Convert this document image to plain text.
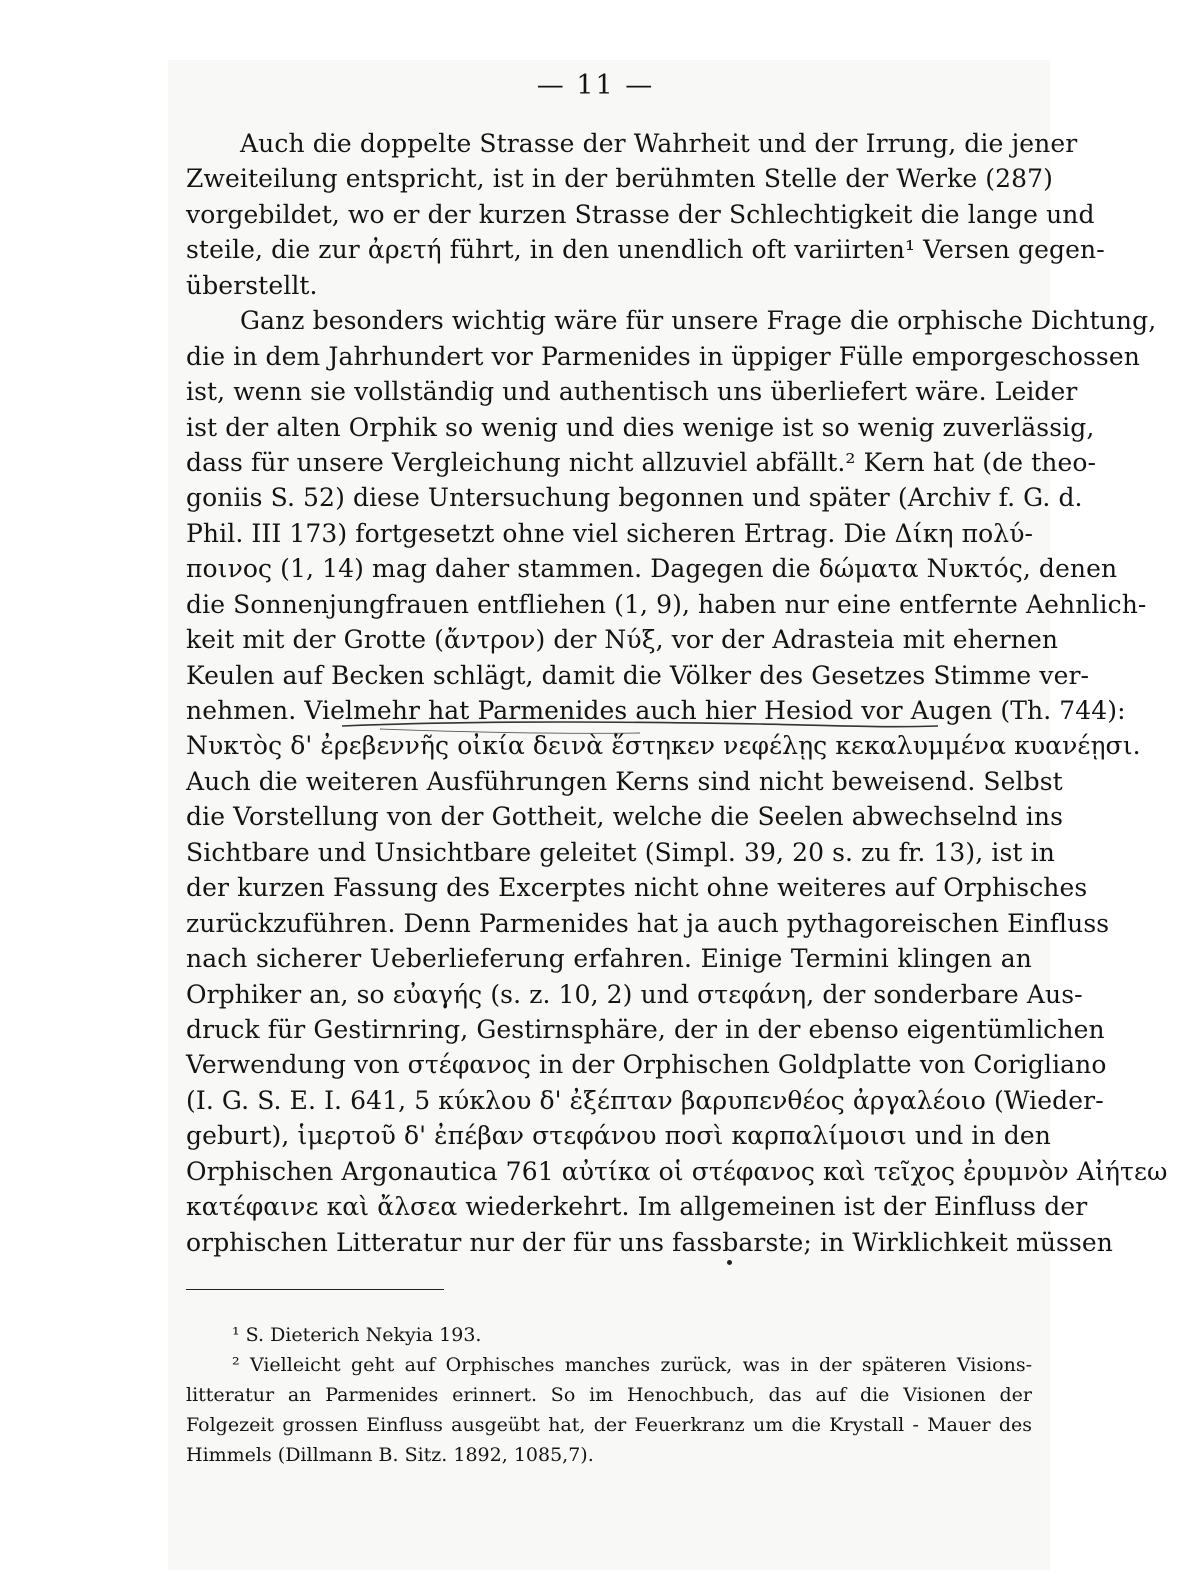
— 11 —
Auch die doppelte Strasse der Wahrheit und der Irrung, die jener
Zweiteilung entspricht, ist in der berühmten Stelle der Werke (287)
vorgebildet, wo er der kurzen Strasse der Schlechtigkeit die lange und
steile, die zur ἀρετή führt, in den unendlich oft variirten¹ Versen gegen-
überstellt.
Ganz besonders wichtig wäre für unsere Frage die orphische Dichtung,
die in dem Jahrhundert vor Parmenides in üppiger Fülle emporgeschossen
ist, wenn sie vollständig und authentisch uns überliefert wäre. Leider
ist der alten Orphik so wenig und dies wenige ist so wenig zuverlässig,
dass für unsere Vergleichung nicht allzuviel abfällt.² Kern hat (de theo-
goniis S. 52) diese Untersuchung begonnen und später (Archiv f. G. d.
Phil. III 173) fortgesetzt ohne viel sicheren Ertrag. Die Δίκη πολύ-
ποινος (1, 14) mag daher stammen. Dagegen die δώματα Νυκτός, denen
die Sonnenjungfrauen entfliehen (1, 9), haben nur eine entfernte Aehnlich-
keit mit der Grotte (ἄντρον) der Νύξ, vor der Adrasteia mit ehernen
Keulen auf Becken schlägt, damit die Völker des Gesetzes Stimme ver-
nehmen. Vielmehr hat Parmenides auch hier Hesiod vor Augen (Th. 744):
Νυκτὸς δ' ἐρεβεννῆς οἰκία δεινὰ ἕστηκεν νεφέλῃς κεκαλυμμένα κυανέῃσι.
Auch die weiteren Ausführungen Kerns sind nicht beweisend. Selbst
die Vorstellung von der Gottheit, welche die Seelen abwechselnd ins
Sichtbare und Unsichtbare geleitet (Simpl. 39, 20 s. zu fr. 13), ist in
der kurzen Fassung des Excerptes nicht ohne weiteres auf Orphisches
zurückzuführen. Denn Parmenides hat ja auch pythagoreischen Einfluss
nach sicherer Ueberlieferung erfahren. Einige Termini klingen an
Orphiker an, so εὐαγής (s. z. 10, 2) und στεφάνη, der sonderbare Aus-
druck für Gestirnring, Gestirnsphäre, der in der ebenso eigentümlichen
Verwendung von στέφανος in der Orphischen Goldplatte von Corigliano
(I. G. S. E. I. 641, 5 κύκλου δ' ἐξέπταν βαρυπενθέος ἀργαλέοιο (Wieder-
geburt), ἱμερτοῦ δ' ἐπέβαν στεφάνου ποσὶ καρπαλίμοισι und in den
Orphischen Argonautica 761 αὐτίκα οἱ στέφανος καὶ τεῖχος ἐρυμνὸν Αἰήτεω
κατέφαινε καὶ ἄλσεα wiederkehrt. Im allgemeinen ist der Einfluss der
orphischen Litteratur nur der für uns fassbarste; in Wirklichkeit müssen
¹ S. Dieterich Nekyia 193.
² Vielleicht geht auf Orphisches manches zurück, was in der späteren Visions-
litteratur an Parmenides erinnert. So im Henochbuch, das auf die Visionen der
Folgezeit grossen Einfluss ausgeübt hat, der Feuerkranz um die Krystall - Mauer des
Himmels (Dillmann B. Sitz. 1892, 1085,7).
